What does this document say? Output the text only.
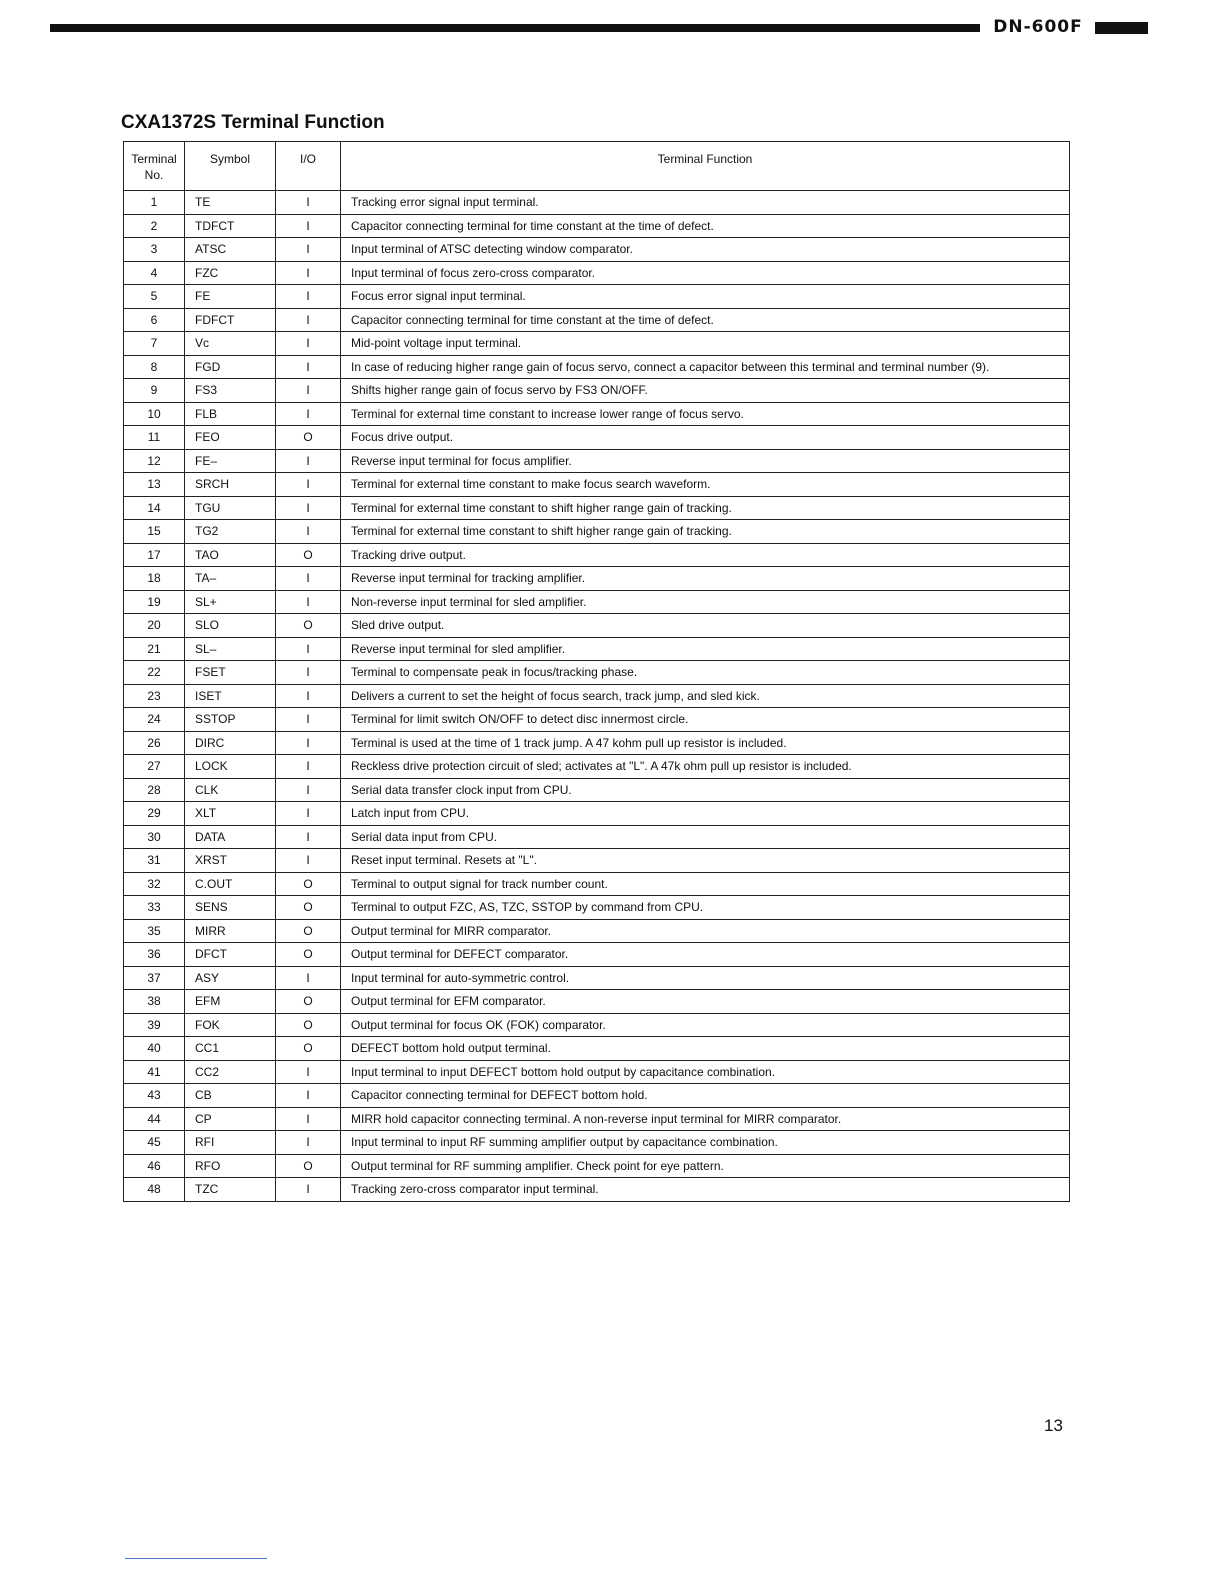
DN-600F
CXA1372S Terminal Function
Terminal No.	Symbol	I/O	Terminal Function
1	TE	I	Tracking error signal input terminal.
2	TDFCT	I	Capacitor connecting terminal for time constant at the time of defect.
3	ATSC	I	Input terminal of ATSC detecting window comparator.
4	FZC	I	Input terminal of focus zero-cross comparator.
5	FE	I	Focus error signal input terminal.
6	FDFCT	I	Capacitor connecting terminal for time constant at the time of defect.
7	Vc	I	Mid-point voltage input terminal.
8	FGD	I	In case of reducing higher range gain of focus servo, connect a capacitor between this terminal and terminal number (9).
9	FS3	I	Shifts higher range gain of focus servo by FS3 ON/OFF.
10	FLB	I	Terminal for external time constant to increase lower range of focus servo.
11	FEO	O	Focus drive output.
12	FE–	I	Reverse input terminal for focus amplifier.
13	SRCH	I	Terminal for external time constant to make focus search waveform.
14	TGU	I	Terminal for external time constant to shift higher range gain of tracking.
15	TG2	I	Terminal for external time constant to shift higher range gain of tracking.
17	TAO	O	Tracking drive output.
18	TA–	I	Reverse input terminal for tracking amplifier.
19	SL+	I	Non-reverse input terminal for sled amplifier.
20	SLO	O	Sled drive output.
21	SL–	I	Reverse input terminal for sled amplifier.
22	FSET	I	Terminal to compensate peak in focus/tracking phase.
23	ISET	I	Delivers a current to set the height of focus search, track jump, and sled kick.
24	SSTOP	I	Terminal for limit switch ON/OFF to detect disc innermost circle.
26	DIRC	I	Terminal is used at the time of 1 track jump. A 47 kohm pull up resistor is included.
27	LOCK	I	Reckless drive protection circuit of sled; activates at "L". A 47k ohm pull up resistor is included.
28	CLK	I	Serial data transfer clock input from CPU.
29	XLT	I	Latch input from CPU.
30	DATA	I	Serial data input from CPU.
31	XRST	I	Reset input terminal. Resets at "L".
32	C.OUT	O	Terminal to output signal for track number count.
33	SENS	O	Terminal to output FZC, AS, TZC, SSTOP by command from CPU.
35	MIRR	O	Output terminal for MIRR comparator.
36	DFCT	O	Output terminal for DEFECT comparator.
37	ASY	I	Input terminal for auto-symmetric control.
38	EFM	O	Output terminal for EFM comparator.
39	FOK	O	Output terminal for focus OK (FOK) comparator.
40	CC1	O	DEFECT bottom hold output terminal.
41	CC2	I	Input terminal to input DEFECT bottom hold output by capacitance combination.
43	CB	I	Capacitor connecting terminal for DEFECT bottom hold.
44	CP	I	MIRR hold capacitor connecting terminal. A non-reverse input terminal for MIRR comparator.
45	RFI	I	Input terminal to input RF summing amplifier output by capacitance combination.
46	RFO	O	Output terminal for RF summing amplifier. Check point for eye pattern.
48	TZC	I	Tracking zero-cross comparator input terminal.
13
